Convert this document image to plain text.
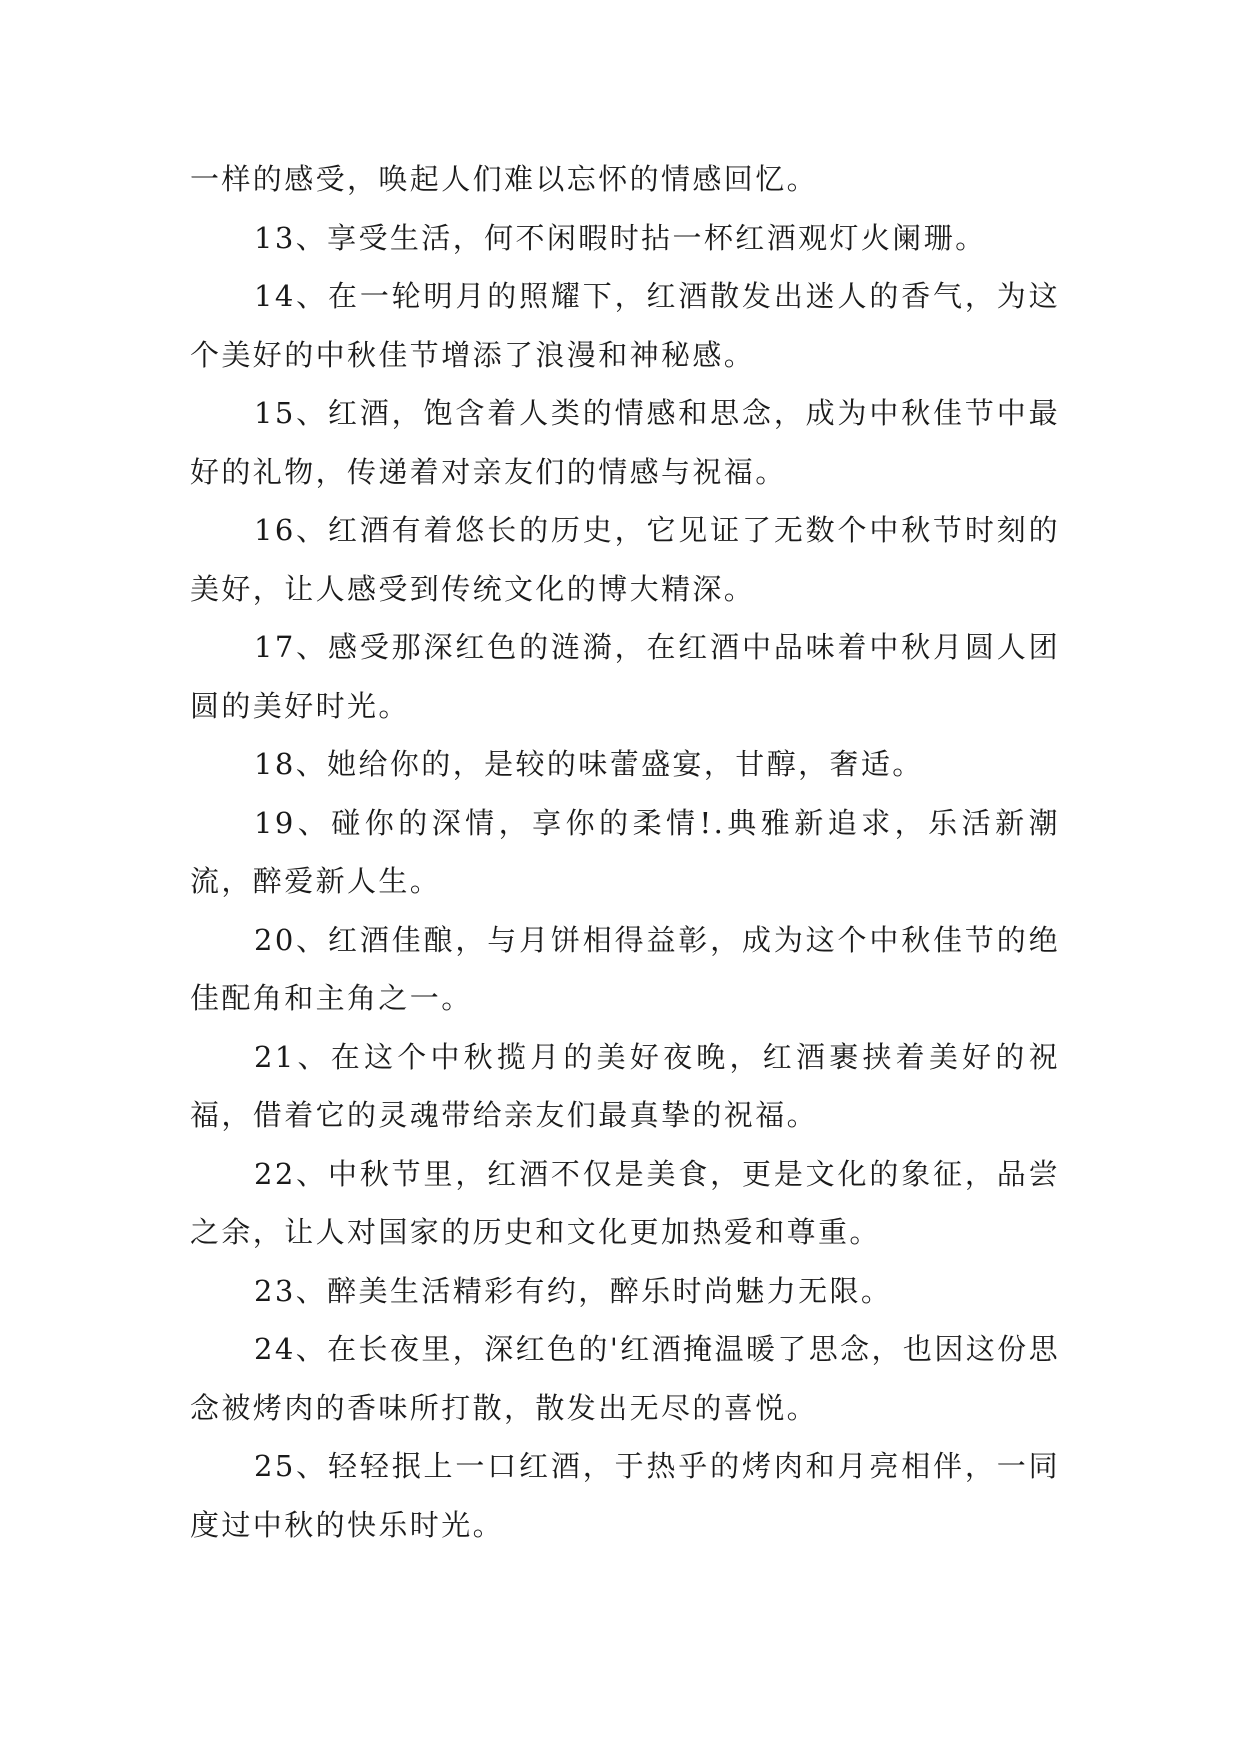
一样的感受，唤起人们难以忘怀的情感回忆。

13、享受生活，何不闲暇时拈一杯红酒观灯火阑珊。

14、在一轮明月的照耀下，红酒散发出迷人的香气，为这个美好的中秋佳节增添了浪漫和神秘感。

15、红酒，饱含着人类的情感和思念，成为中秋佳节中最好的礼物，传递着对亲友们的情感与祝福。

16、红酒有着悠长的历史，它见证了无数个中秋节时刻的美好，让人感受到传统文化的博大精深。

17、感受那深红色的涟漪，在红酒中品味着中秋月圆人团圆的美好时光。

18、她给你的，是较的味蕾盛宴，甘醇，奢适。

19、碰你的深情，享你的柔情!.典雅新追求，乐活新潮流，醉爱新人生。

20、红酒佳酿，与月饼相得益彰，成为这个中秋佳节的绝佳配角和主角之一。

21、在这个中秋揽月的美好夜晚，红酒裹挟着美好的祝福，借着它的灵魂带给亲友们最真挚的祝福。

22、中秋节里，红酒不仅是美食，更是文化的象征，品尝之余，让人对国家的历史和文化更加热爱和尊重。

23、醉美生活精彩有约，醉乐时尚魅力无限。

24、在长夜里，深红色的'红酒掩温暖了思念，也因这份思念被烤肉的香味所打散，散发出无尽的喜悦。

25、轻轻抿上一口红酒，于热乎的烤肉和月亮相伴，一同度过中秋的快乐时光。
